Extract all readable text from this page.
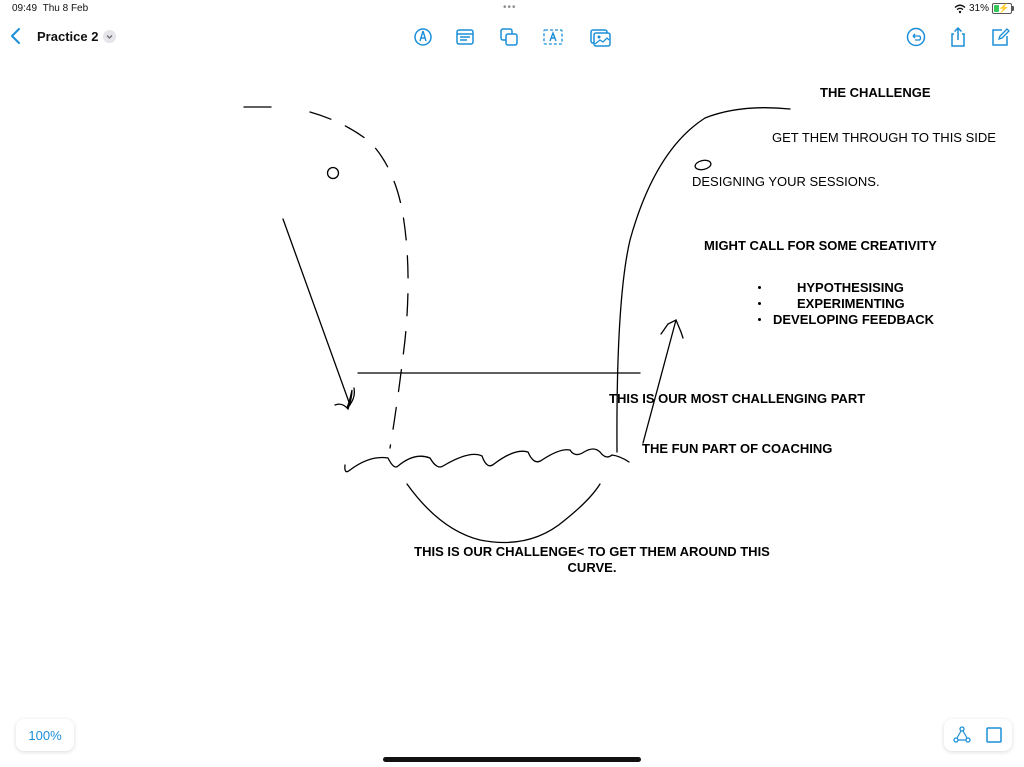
09:49 Thu 8 Feb	•••	31% ⚡
Practice 2
THE CHALLENGE
GET THEM THROUGH TO THIS SIDE
DESIGNING YOUR SESSIONS.
MIGHT CALL FOR SOME CREATIVITY
HYPOTHESISING
EXPERIMENTING
DEVELOPING FEEDBACK
THIS IS OUR MOST CHALLENGING PART
THE FUN PART OF COACHING
THIS IS OUR CHALLENGE< TO GET THEM AROUND THIS
CURVE.
100%
